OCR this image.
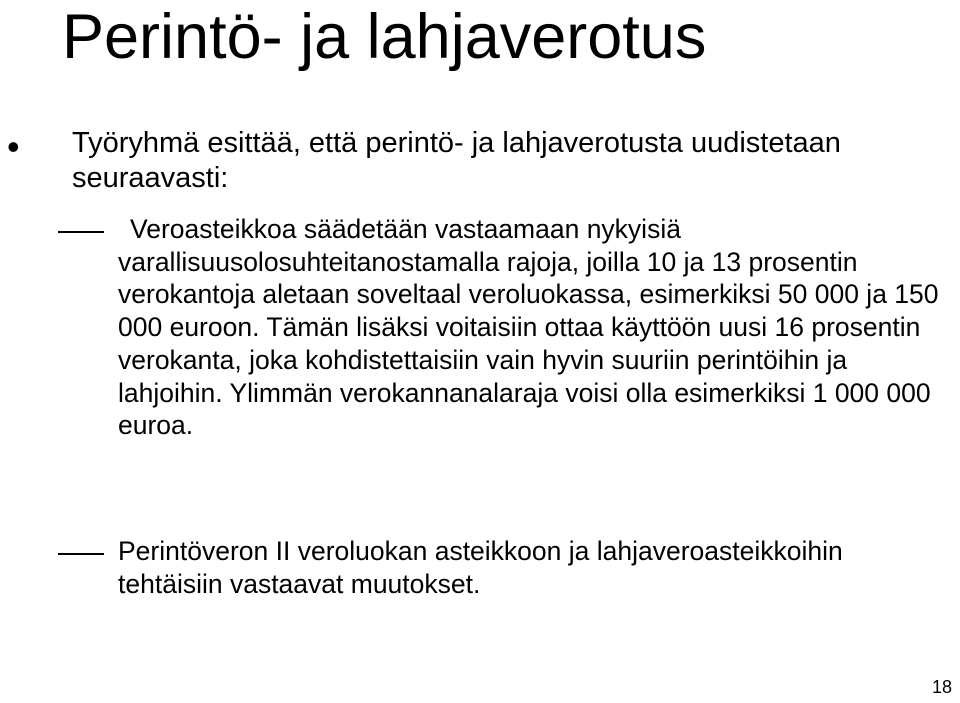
Perintö- ja lahjaverotus
• Työryhmä esittää, että perintö- ja lahjaverotusta uudistetaan seuraavasti:
Veroasteikkoa säädetään vastaamaan nykyisiä
varallisuusolosuhteitanostamalla rajoja, joilla 10 ja 13 prosentin verokantoja aletaan soveltaal veroluokassa, esimerkiksi 50 000 ja 150 000 euroon. Tämän lisäksi voitaisiin ottaa käyttöön uusi 16 prosentin verokanta, joka kohdistettaisiin vain hyvin suuriin perintöihin ja lahjoihin. Ylimmän verokannanalaraja voisi olla esimerkiksi 1 000 000 euroa.
Perintöveron II veroluokan asteikkoon ja lahjaveroasteikkoihin tehtäisiin vastaavat muutokset.
18
